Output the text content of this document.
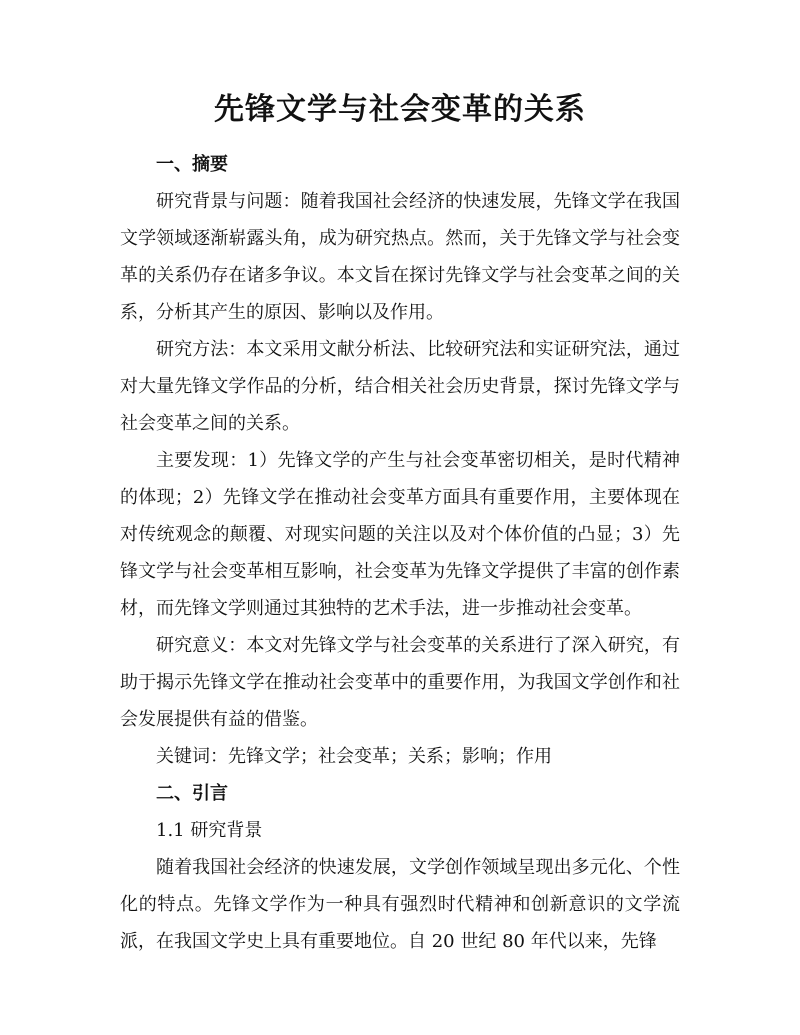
先锋文学与社会变革的关系

一、摘要

研究背景与问题：随着我国社会经济的快速发展，先锋文学在我国文学领域逐渐崭露头角，成为研究热点。然而，关于先锋文学与社会变革的关系仍存在诸多争议。本文旨在探讨先锋文学与社会变革之间的关系，分析其产生的原因、影响以及作用。

研究方法：本文采用文献分析法、比较研究法和实证研究法，通过对大量先锋文学作品的分析，结合相关社会历史背景，探讨先锋文学与社会变革之间的关系。

主要发现：1）先锋文学的产生与社会变革密切相关，是时代精神的体现；2）先锋文学在推动社会变革方面具有重要作用，主要体现在对传统观念的颠覆、对现实问题的关注以及对个体价值的凸显；3）先锋文学与社会变革相互影响，社会变革为先锋文学提供了丰富的创作素材，而先锋文学则通过其独特的艺术手法，进一步推动社会变革。

研究意义：本文对先锋文学与社会变革的关系进行了深入研究，有助于揭示先锋文学在推动社会变革中的重要作用，为我国文学创作和社会发展提供有益的借鉴。

关键词：先锋文学；社会变革；关系；影响；作用

二、引言

1.1 研究背景

随着我国社会经济的快速发展，文学创作领域呈现出多元化、个性化的特点。先锋文学作为一种具有强烈时代精神和创新意识的文学流派，在我国文学史上具有重要地位。自 20 世纪 80 年代以来，先锋
